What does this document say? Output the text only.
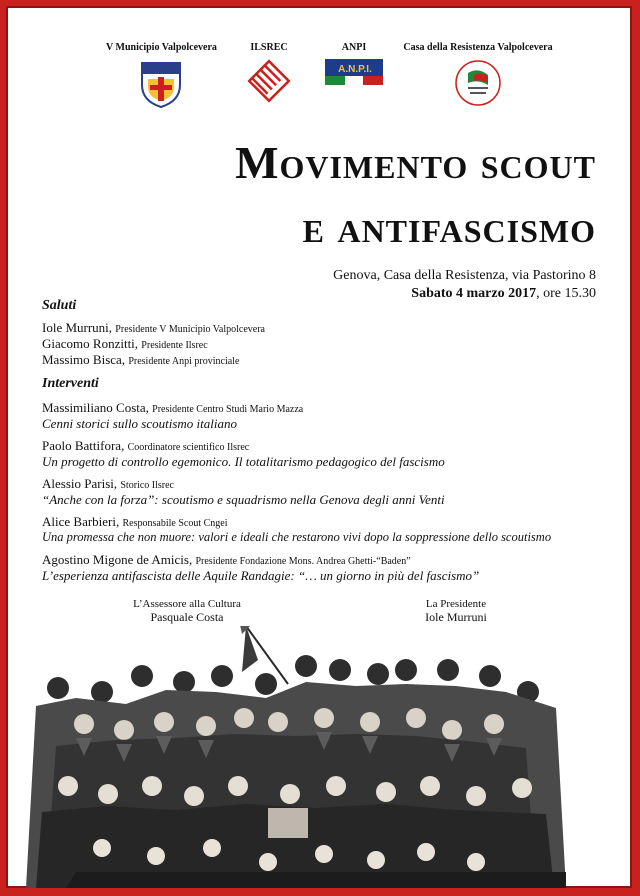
V Municipio Valpolcevera	ILSREC	ANPI
A.N.P.I.
Casa della Resistenza Valpolcevera
Movimento scout
e antifascismo
Genova, Casa della Resistenza, via Pastorino 8
Sabato 4 marzo 2017, ore 15.30
Saluti
Iole Murruni, Presidente V Municipio Valpolcevera
Giacomo Ronzitti, Presidente Ilsrec
Massimo Bisca, Presidente Anpi provinciale
Interventi
Massimiliano Costa, Presidente Centro Studi Mario Mazza
Cenni storici sullo scoutismo italiano
Paolo Battifora, Coordinatore scientifico Ilsrec
Un progetto di controllo egemonico. Il totalitarismo pedagogico del fascismo
Alessio Parisi, Storico Ilsrec
“Anche con la forza”: scoutismo e squadrismo nella Genova degli anni Venti
Alice Barbieri, Responsabile Scout Cngei
Una promessa che non muore: valori e ideali che restarono vivi dopo la soppressione dello scoutismo
Agostino Migone de Amicis, Presidente Fondazione Mons. Andrea Ghetti-“Baden”
L’esperienza antifascista delle Aquile Randagie: “… un giorno in più del fascismo”
L’Assessore alla Cultura
Pasquale Costa
La Presidente
Iole Murruni
